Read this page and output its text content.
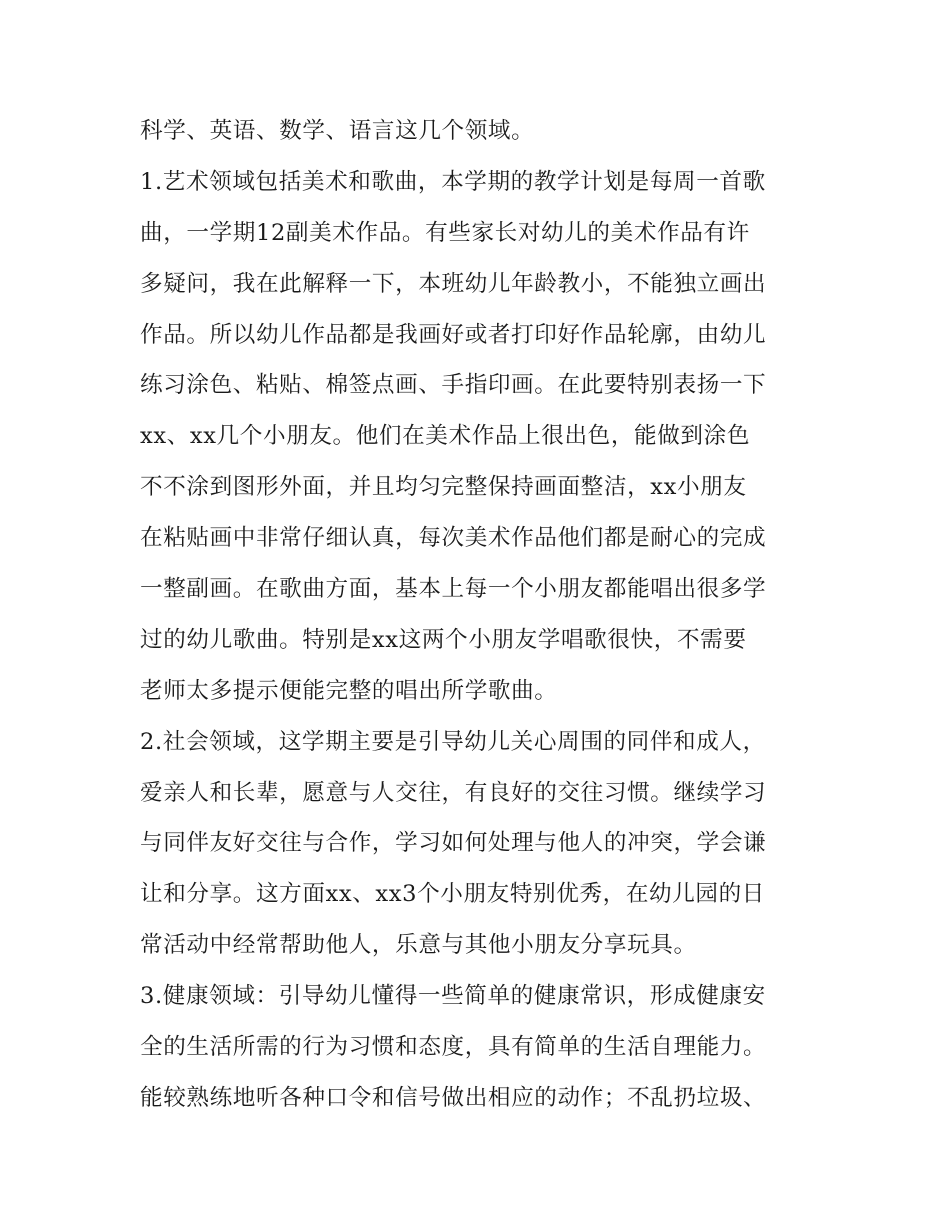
科学、英语、数学、语言这几个领域。
1.艺术领域包括美术和歌曲，本学期的教学计划是每周一首歌
曲，一学期12副美术作品。有些家长对幼儿的美术作品有许
多疑问，我在此解释一下，本班幼儿年龄教小，不能独立画出
作品。所以幼儿作品都是我画好或者打印好作品轮廓，由幼儿
练习涂色、粘贴、棉签点画、手指印画。在此要特别表扬一下
xx、xx几个小朋友。他们在美术作品上很出色，能做到涂色
不不涂到图形外面，并且均匀完整保持画面整洁，xx小朋友
在粘贴画中非常仔细认真，每次美术作品他们都是耐心的完成
一整副画。在歌曲方面，基本上每一个小朋友都能唱出很多学
过的幼儿歌曲。特别是xx这两个小朋友学唱歌很快，不需要
老师太多提示便能完整的唱出所学歌曲。
2.社会领域，这学期主要是引导幼儿关心周围的同伴和成人，
爱亲人和长辈，愿意与人交往，有良好的交往习惯。继续学习
与同伴友好交往与合作，学习如何处理与他人的冲突，学会谦
让和分享。这方面xx、xx3个小朋友特别优秀，在幼儿园的日
常活动中经常帮助他人，乐意与其他小朋友分享玩具。
3.健康领域：引导幼儿懂得一些简单的健康常识，形成健康安
全的生活所需的行为习惯和态度，具有简单的生活自理能力。
能较熟练地听各种口令和信号做出相应的动作；不乱扔垃圾、
